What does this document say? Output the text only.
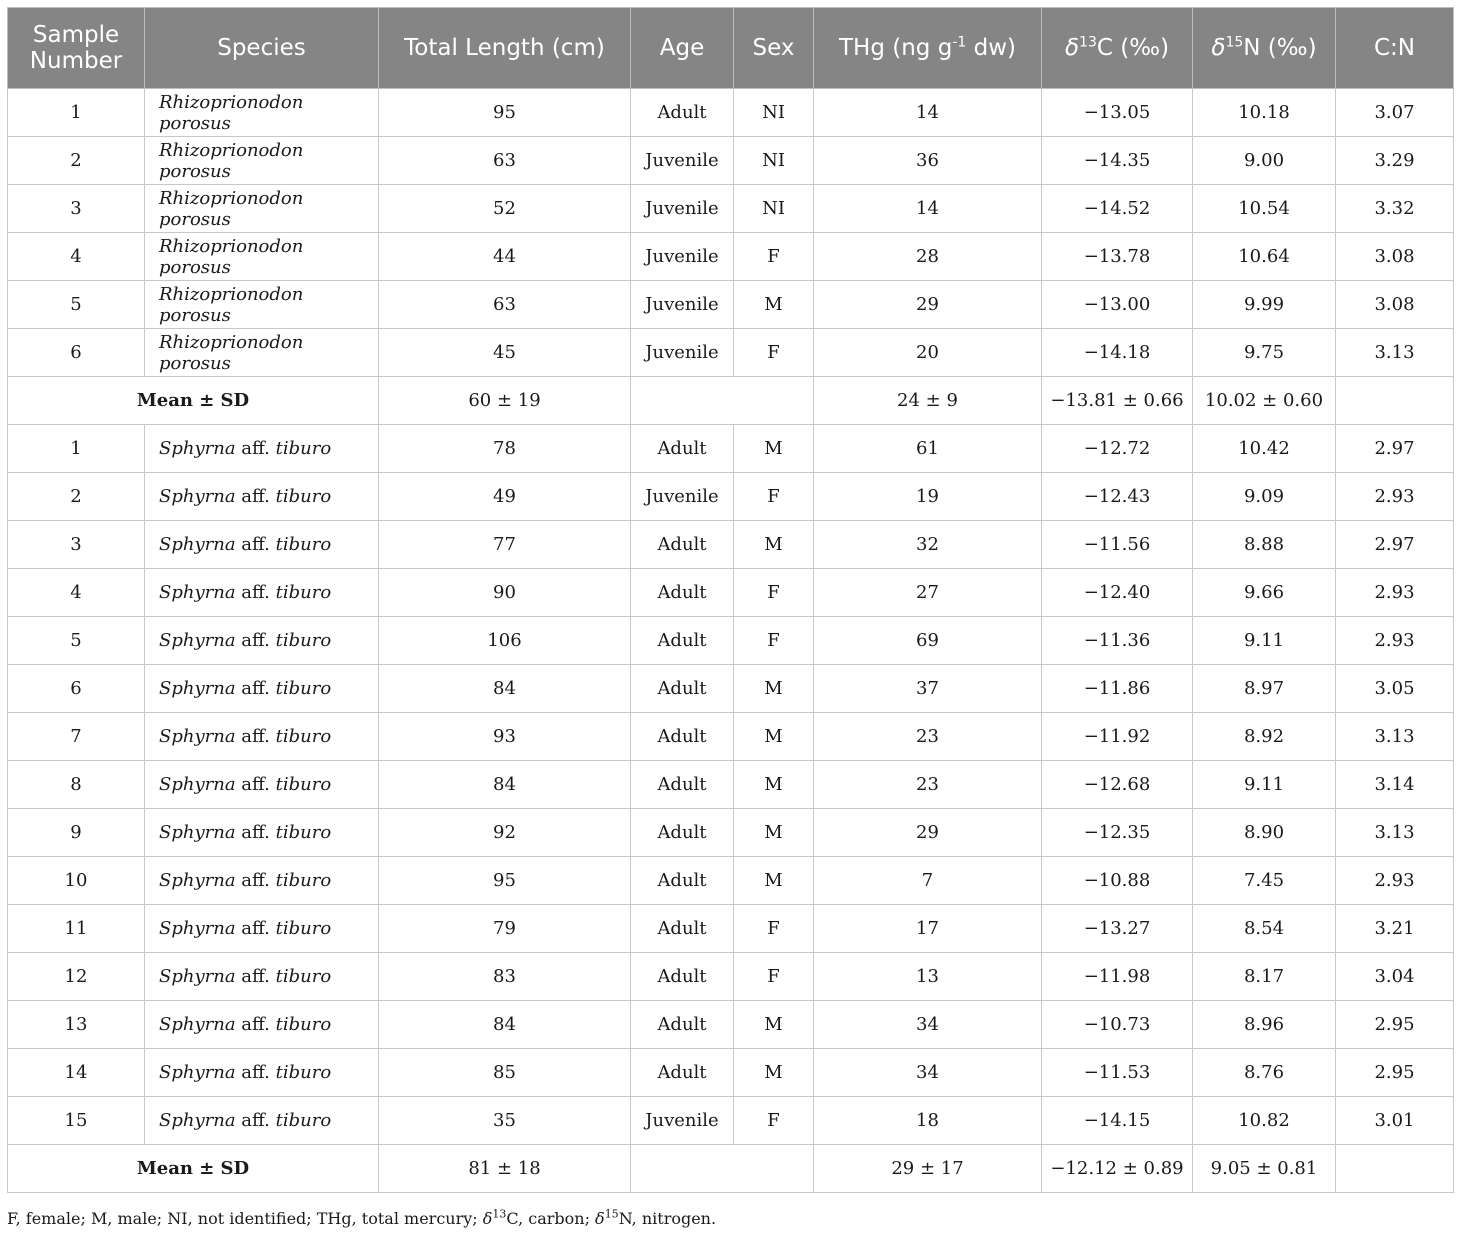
Sample Number	Species	Total Length (cm)	Age	Sex	THg (ng $g^{-1}$ dw)	$\delta^{13}C$ (‰)	$\delta^{15}N$ (‰)	C:N
1	Rhizoprionodon porosus	95	Adult	NI	14	−13.05	10.18	3.07
2	Rhizoprionodon porosus	63	Juvenile	NI	36	−14.35	9.00	3.29
3	Rhizoprionodon porosus	52	Juvenile	NI	14	−14.52	10.54	3.32
4	Rhizoprionodon porosus	44	Juvenile	F	28	−13.78	10.64	3.08
5	Rhizoprionodon porosus	63	Juvenile	M	29	−13.00	9.99	3.08
6	Rhizoprionodon porosus	45	Juvenile	F	20	−14.18	9.75	3.13
Mean ± SD		60 ± 19			24 ± 9	−13.81 ± 0.66	10.02 ± 0.60	
1	Sphyrna aff. tiburo	78	Adult	M	61	−12.72	10.42	2.97
2	Sphyrna aff. tiburo	49	Juvenile	F	19	−12.43	9.09	2.93
3	Sphyrna aff. tiburo	77	Adult	M	32	−11.56	8.88	2.97
4	Sphyrna aff. tiburo	90	Adult	F	27	−12.40	9.66	2.93
5	Sphyrna aff. tiburo	106	Adult	F	69	−11.36	9.11	2.93
6	Sphyrna aff. tiburo	84	Adult	M	37	−11.86	8.97	3.05
7	Sphyrna aff. tiburo	93	Adult	M	23	−11.92	8.92	3.13
8	Sphyrna aff. tiburo	84	Adult	M	23	−12.68	9.11	3.14
9	Sphyrna aff. tiburo	92	Adult	M	29	−12.35	8.90	3.13
10	Sphyrna aff. tiburo	95	Adult	M	7	−10.88	7.45	2.93
11	Sphyrna aff. tiburo	79	Adult	F	17	−13.27	8.54	3.21
12	Sphyrna aff. tiburo	83	Adult	F	13	−11.98	8.17	3.04
13	Sphyrna aff. tiburo	84	Adult	M	34	−10.73	8.96	2.95
14	Sphyrna aff. tiburo	85	Adult	M	34	−11.53	8.76	2.95
15	Sphyrna aff. tiburo	35	Juvenile	F	18	−14.15	10.82	3.01
Mean ± SD		81 ± 18			29 ± 17	−12.12 ± 0.89	9.05 ± 0.81	
F, female; M, male; NI, not identified; THg, total mercury; $\delta^{13}C$, carbon; $\delta^{15}N$, nitrogen.
